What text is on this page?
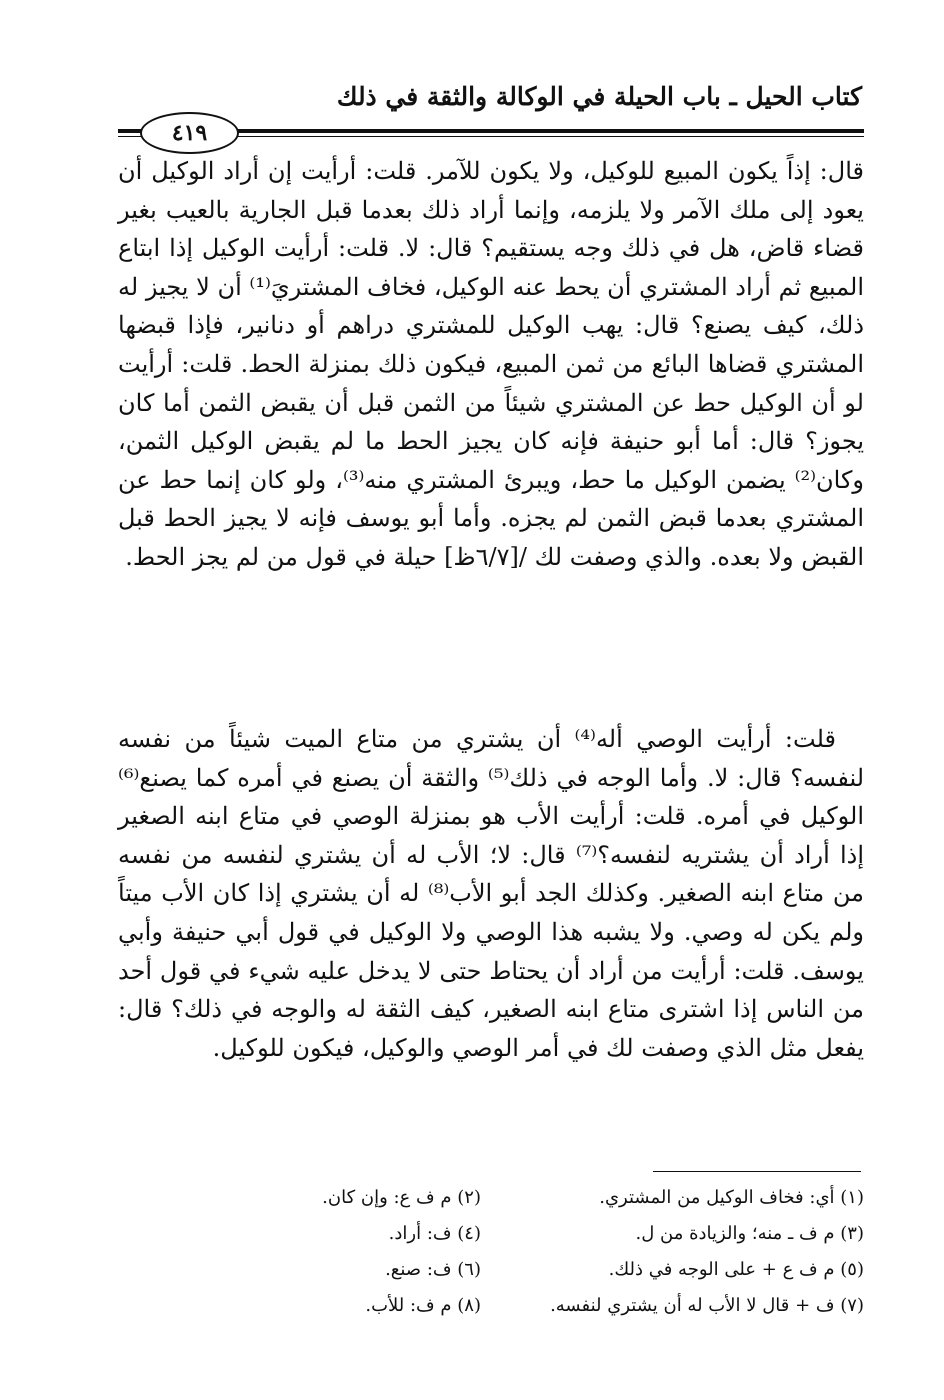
كتاب الحيل ـ باب الحيلة في الوكالة والثقة في ذلك
٤١٩
قال: إذاً يكون المبيع للوكيل، ولا يكون للآمر. قلت: أرأيت إن أراد الوكيل أن يعود إلى ملك الآمر ولا يلزمه، وإنما أراد ذلك بعدما قبل الجارية بالعيب بغير قضاء قاض، هل في ذلك وجه يستقيم؟ قال: لا. قلت: أرأيت الوكيل إذا ابتاع المبيع ثم أراد المشتري أن يحط عنه الوكيل، فخاف المشتريَ⁽¹⁾ أن لا يجيز له ذلك، كيف يصنع؟ قال: يهب الوكيل للمشتري دراهم أو دنانير، فإذا قبضها المشتري قضاها البائع من ثمن المبيع، فيكون ذلك بمنزلة الحط. قلت: أرأيت لو أن الوكيل حط عن المشتري شيئاً من الثمن قبل أن يقبض الثمن أما كان يجوز؟ قال: أما أبو حنيفة فإنه كان يجيز الحط ما لم يقبض الوكيل الثمن، وكان⁽²⁾ يضمن الوكيل ما حط، ويبرئ المشتري منه⁽³⁾، ولو كان إنما حط عن المشتري بعدما قبض الثمن لم يجزه. وأما أبو يوسف فإنه لا يجيز الحط قبل القبض ولا بعده. والذي وصفت لك /[٦/٧ظ] حيلة في قول من لم يجز الحط.
قلت: أرأيت الوصي أله⁽⁴⁾ أن يشتري من متاع الميت شيئاً من نفسه لنفسه؟ قال: لا. وأما الوجه في ذلك⁽⁵⁾ والثقة أن يصنع في أمره كما يصنع⁽⁶⁾ الوكيل في أمره. قلت: أرأيت الأب هو بمنزلة الوصي في متاع ابنه الصغير إذا أراد أن يشتريه لنفسه؟⁽⁷⁾ قال: لا؛ الأب له أن يشتري لنفسه من نفسه من متاع ابنه الصغير. وكذلك الجد أبو الأب⁽⁸⁾ له أن يشتري إذا كان الأب ميتاً ولم يكن له وصي. ولا يشبه هذا الوصي ولا الوكيل في قول أبي حنيفة وأبي يوسف. قلت: أرأيت من أراد أن يحتاط حتى لا يدخل عليه شيء في قول أحد من الناس إذا اشترى متاع ابنه الصغير، كيف الثقة له والوجه في ذلك؟ قال: يفعل مثل الذي وصفت لك في أمر الوصي والوكيل، فيكون للوكيل.
(١) أي: فخاف الوكيل من المشتري.
(٢) م ف ع: وإن كان.
(٣) م ف ـ منه؛ والزيادة من ل.
(٤) ف: أراد.
(٥) م ف ع + على الوجه في ذلك.
(٦) ف: صنع.
(٧) ف + قال لا الأب له أن يشتري لنفسه.
(٨) م ف: للأب.
